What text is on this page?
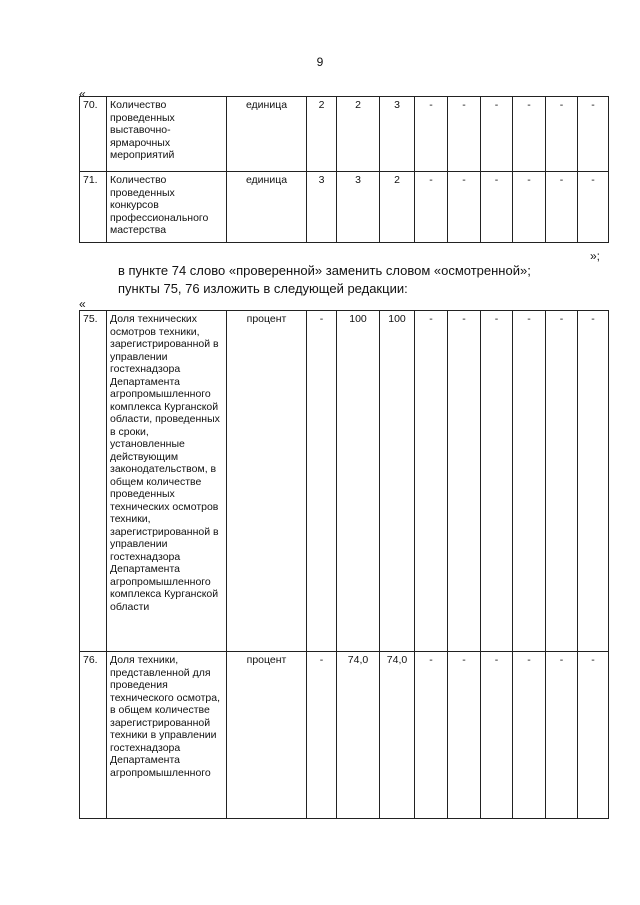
9
«
70.	Количество проведенных выставочно-ярмарочных мероприятий	единица	2	2	3	-	-	-	-	-	-
71.	Количество проведенных конкурсов профессионального мастерства	единица	3	3	2	-	-	-	-	-	-
»;
в пункте 74 слово «проверенной» заменить словом «осмотренной»;
пункты 75, 76 изложить в следующей редакции:
«
75.	Доля технических осмотров техники, зарегистрированной в управлении гостехнадзора Департамента агропромышленного комплекса Курганской области, проведенных в сроки, установленные действующим законодательством, в общем количестве проведенных технических осмотров техники, зарегистрированной в управлении гостехнадзора Департамента агропромышленного комплекса Курганской области	процент	-	100	100	-	-	-	-	-	-
76.	Доля техники, представленной для проведения технического осмотра, в общем количестве зарегистрированной техники в управлении гостехнадзора Департамента агропромышленного	процент	-	74,0	74,0	-	-	-	-	-	-
